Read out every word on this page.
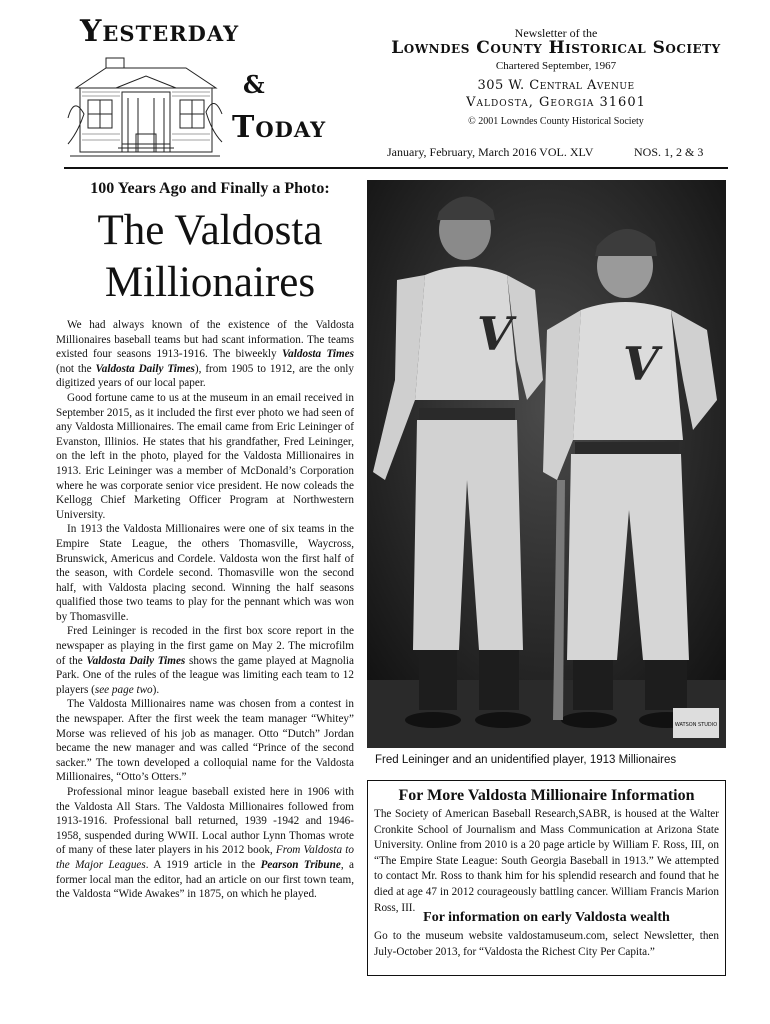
Yesterday
&
Today
Newsletter of the
Lowndes County Historical Society
Chartered September, 1967
305 W. Central Avenue
Valdosta, Georgia 31601
© 2001 Lowndes County Historical Society
January, February, March 2016 VOL. XLV	NOS. 1, 2 & 3
100 Years Ago and Finally a Photo:
The Valdosta Millionaires

We had always known of the existence of the Valdosta Millionaires baseball teams but had scant information. The teams existed four seasons 1913-1916. The biweekly Valdosta Times (not the Valdosta Daily Times), from 1905 to 1912, are the only digitized years of our local paper.

Good fortune came to us at the museum in an email received in September 2015, as it included the first ever photo we had seen of any Valdosta Millionaires. The email came from Eric Leininger of Evanston, Illinios. He states that his grandfather, Fred Leininger, on the left in the photo, played for the Valdosta Millionaires in 1913. Eric Leininger was a member of McDonald’s Corporation where he was corporate senior vice president. He now coleads the Kellogg Chief Marketing Officer Program at Northwestern University.

In 1913 the Valdosta Millionaires were one of six teams in the Empire State League, the others Thomasville, Waycross, Brunswick, Americus and Cordele. Valdosta won the first half of the season, with Cordele second. Thomasville won the second half, with Valdosta placing second. Winning the half seasons qualified those two teams to play for the pennant which was won by Thomasville.

Fred Leininger is recoded in the first box score report in the newspaper as playing in the first game on May 2. The microfilm of the Valdosta Daily Times shows the game played at Magnolia Park. One of the rules of the league was limiting each team to 12 players (see page two).

The Valdosta Millionaires name was chosen from a contest in the newspaper. After the first week the team manager “Whitey” Morse was relieved of his job as manager. Otto “Dutch” Jordan became the new manager and was called “Prince of the second sacker.” The town developed a colloquial name for the Valdosta Millionaires, “Otto’s Otters.”

Professional minor league baseball existed here in 1906 with the Valdosta All Stars. The Valdosta Millionaires followed from 1913-1916. Professional ball returned, 1939 -1942 and 1946-1958, suspended during WWII. Local author Lynn Thomas wrote of many of these later players in his 2012 book, From Valdosta to the Major Leagues. A 1919 article in the Pearson Tribune, a former local man the editor, had an article on our first town team, the Valdosta “Wide Awakes” in 1875, on which he played.

V
V
WATSON STUDIO
Fred Leininger and an unidentified player, 1913 Millionaires
For More Valdosta Millionaire Information
The Society of American Baseball Research,SABR, is housed at the Walter Cronkite School of Journalism and Mass Communication at Arizona State University. Online from 2010 is a 20 page article by William F. Ross, III, on “The Empire State League: South Georgia Baseball in 1913.” We attempted to contact Mr. Ross to thank him for his splendid research and found that he died at age 47 in 2012 courageously battling cancer. William Francis Marion Ross, III.
For information on early Valdosta wealth
Go to the museum website valdostamuseum.com, select Newsletter, then July-October 2013, for “Valdosta the Richest City Per Capita.”
